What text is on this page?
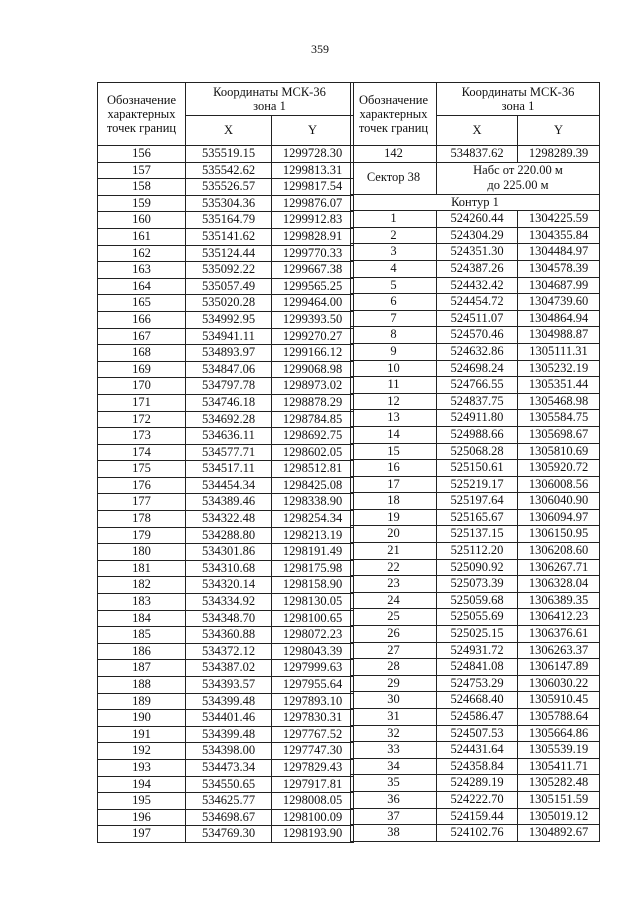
359
Обозначение характерных точек границ	Координаты МСК-36 зона 1	
	X	Y
156	535519.15	1299728.30
157	535542.62	1299813.31
158	535526.57	1299817.54
159	535304.36	1299876.07
160	535164.79	1299912.83
161	535141.62	1299828.91
162	535124.44	1299770.33
163	535092.22	1299667.38
164	535057.49	1299565.25
165	535020.28	1299464.00
166	534992.95	1299393.50
167	534941.11	1299270.27
168	534893.97	1299166.12
169	534847.06	1299068.98
170	534797.78	1298973.02
171	534746.18	1298878.29
172	534692.28	1298784.85
173	534636.11	1298692.75
174	534577.71	1298602.05
175	534517.11	1298512.81
176	534454.34	1298425.08
177	534389.46	1298338.90
178	534322.48	1298254.34
179	534288.80	1298213.19
180	534301.86	1298191.49
181	534310.68	1298175.98
182	534320.14	1298158.90
183	534334.92	1298130.05
184	534348.70	1298100.65
185	534360.88	1298072.23
186	534372.12	1298043.39
187	534387.02	1297999.63
188	534393.57	1297955.64
189	534399.48	1297893.10
190	534401.46	1297830.31
191	534399.48	1297767.52
192	534398.00	1297747.30
193	534473.34	1297829.43
194	534550.65	1297917.81
195	534625.77	1298008.05
196	534698.67	1298100.09
197	534769.30	1298193.90
Обозначение характерных точек границ	Координаты МСК-36 зона 1	
	X	Y
142	534837.62	1298289.39
Сектор 38	Набс от 220.00 м
до 225.00 м	

Контур 1		
1	524260.44	1304225.59
2	524304.29	1304355.84
3	524351.30	1304484.97
4	524387.26	1304578.39
5	524432.42	1304687.99
6	524454.72	1304739.60
7	524511.07	1304864.94
8	524570.46	1304988.87
9	524632.86	1305111.31
10	524698.24	1305232.19
11	524766.55	1305351.44
12	524837.75	1305468.98
13	524911.80	1305584.75
14	524988.66	1305698.67
15	525068.28	1305810.69
16	525150.61	1305920.72
17	525219.17	1306008.56
18	525197.64	1306040.90
19	525165.67	1306094.97
20	525137.15	1306150.95
21	525112.20	1306208.60
22	525090.92	1306267.71
23	525073.39	1306328.04
24	525059.68	1306389.35
25	525055.69	1306412.23
26	525025.15	1306376.61
27	524931.72	1306263.37
28	524841.08	1306147.89
29	524753.29	1306030.22
30	524668.40	1305910.45
31	524586.47	1305788.64
32	524507.53	1305664.86
33	524431.64	1305539.19
34	524358.84	1305411.71
35	524289.19	1305282.48
36	524222.70	1305151.59
37	524159.44	1305019.12
38	524102.76	1304892.67
